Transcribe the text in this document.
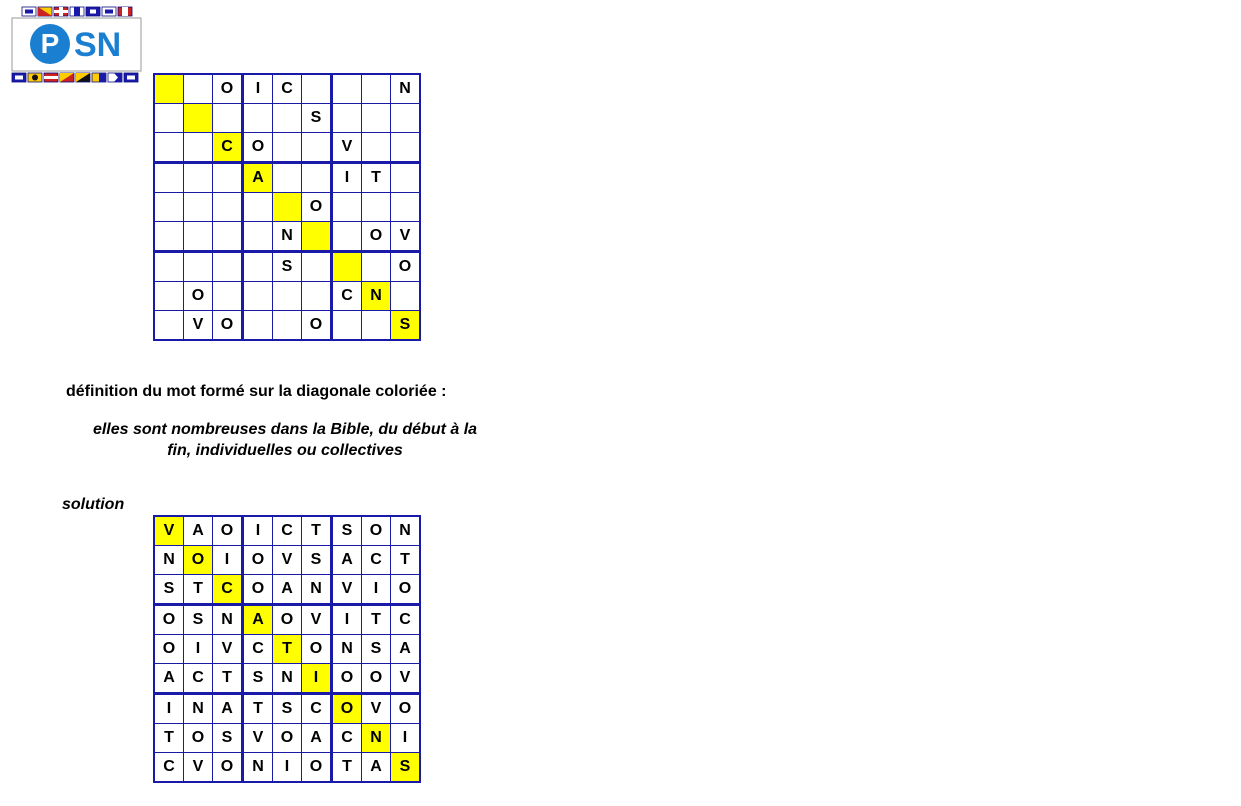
P SN
		O	I	C				N
					S			
		C	O			V		
			A			I	T	
					O			
				N			O	V
				S				O
	O					C	N	
	V	O			O			S
définition du mot formé sur la diagonale coloriée :
elles sont nombreuses dans la Bible, du début à la
fin, individuelles ou collectives
solution
V	A	O	I	C	T	S	O	N
N	O	I	O	V	S	A	C	T
S	T	C	O	A	N	V	I	O
O	S	N	A	O	V	I	T	C
O	I	V	C	T	O	N	S	A
A	C	T	S	N	I	O	O	V
I	N	A	T	S	C	O	V	O
T	O	S	V	O	A	C	N	I
C	V	O	N	I	O	T	A	S
